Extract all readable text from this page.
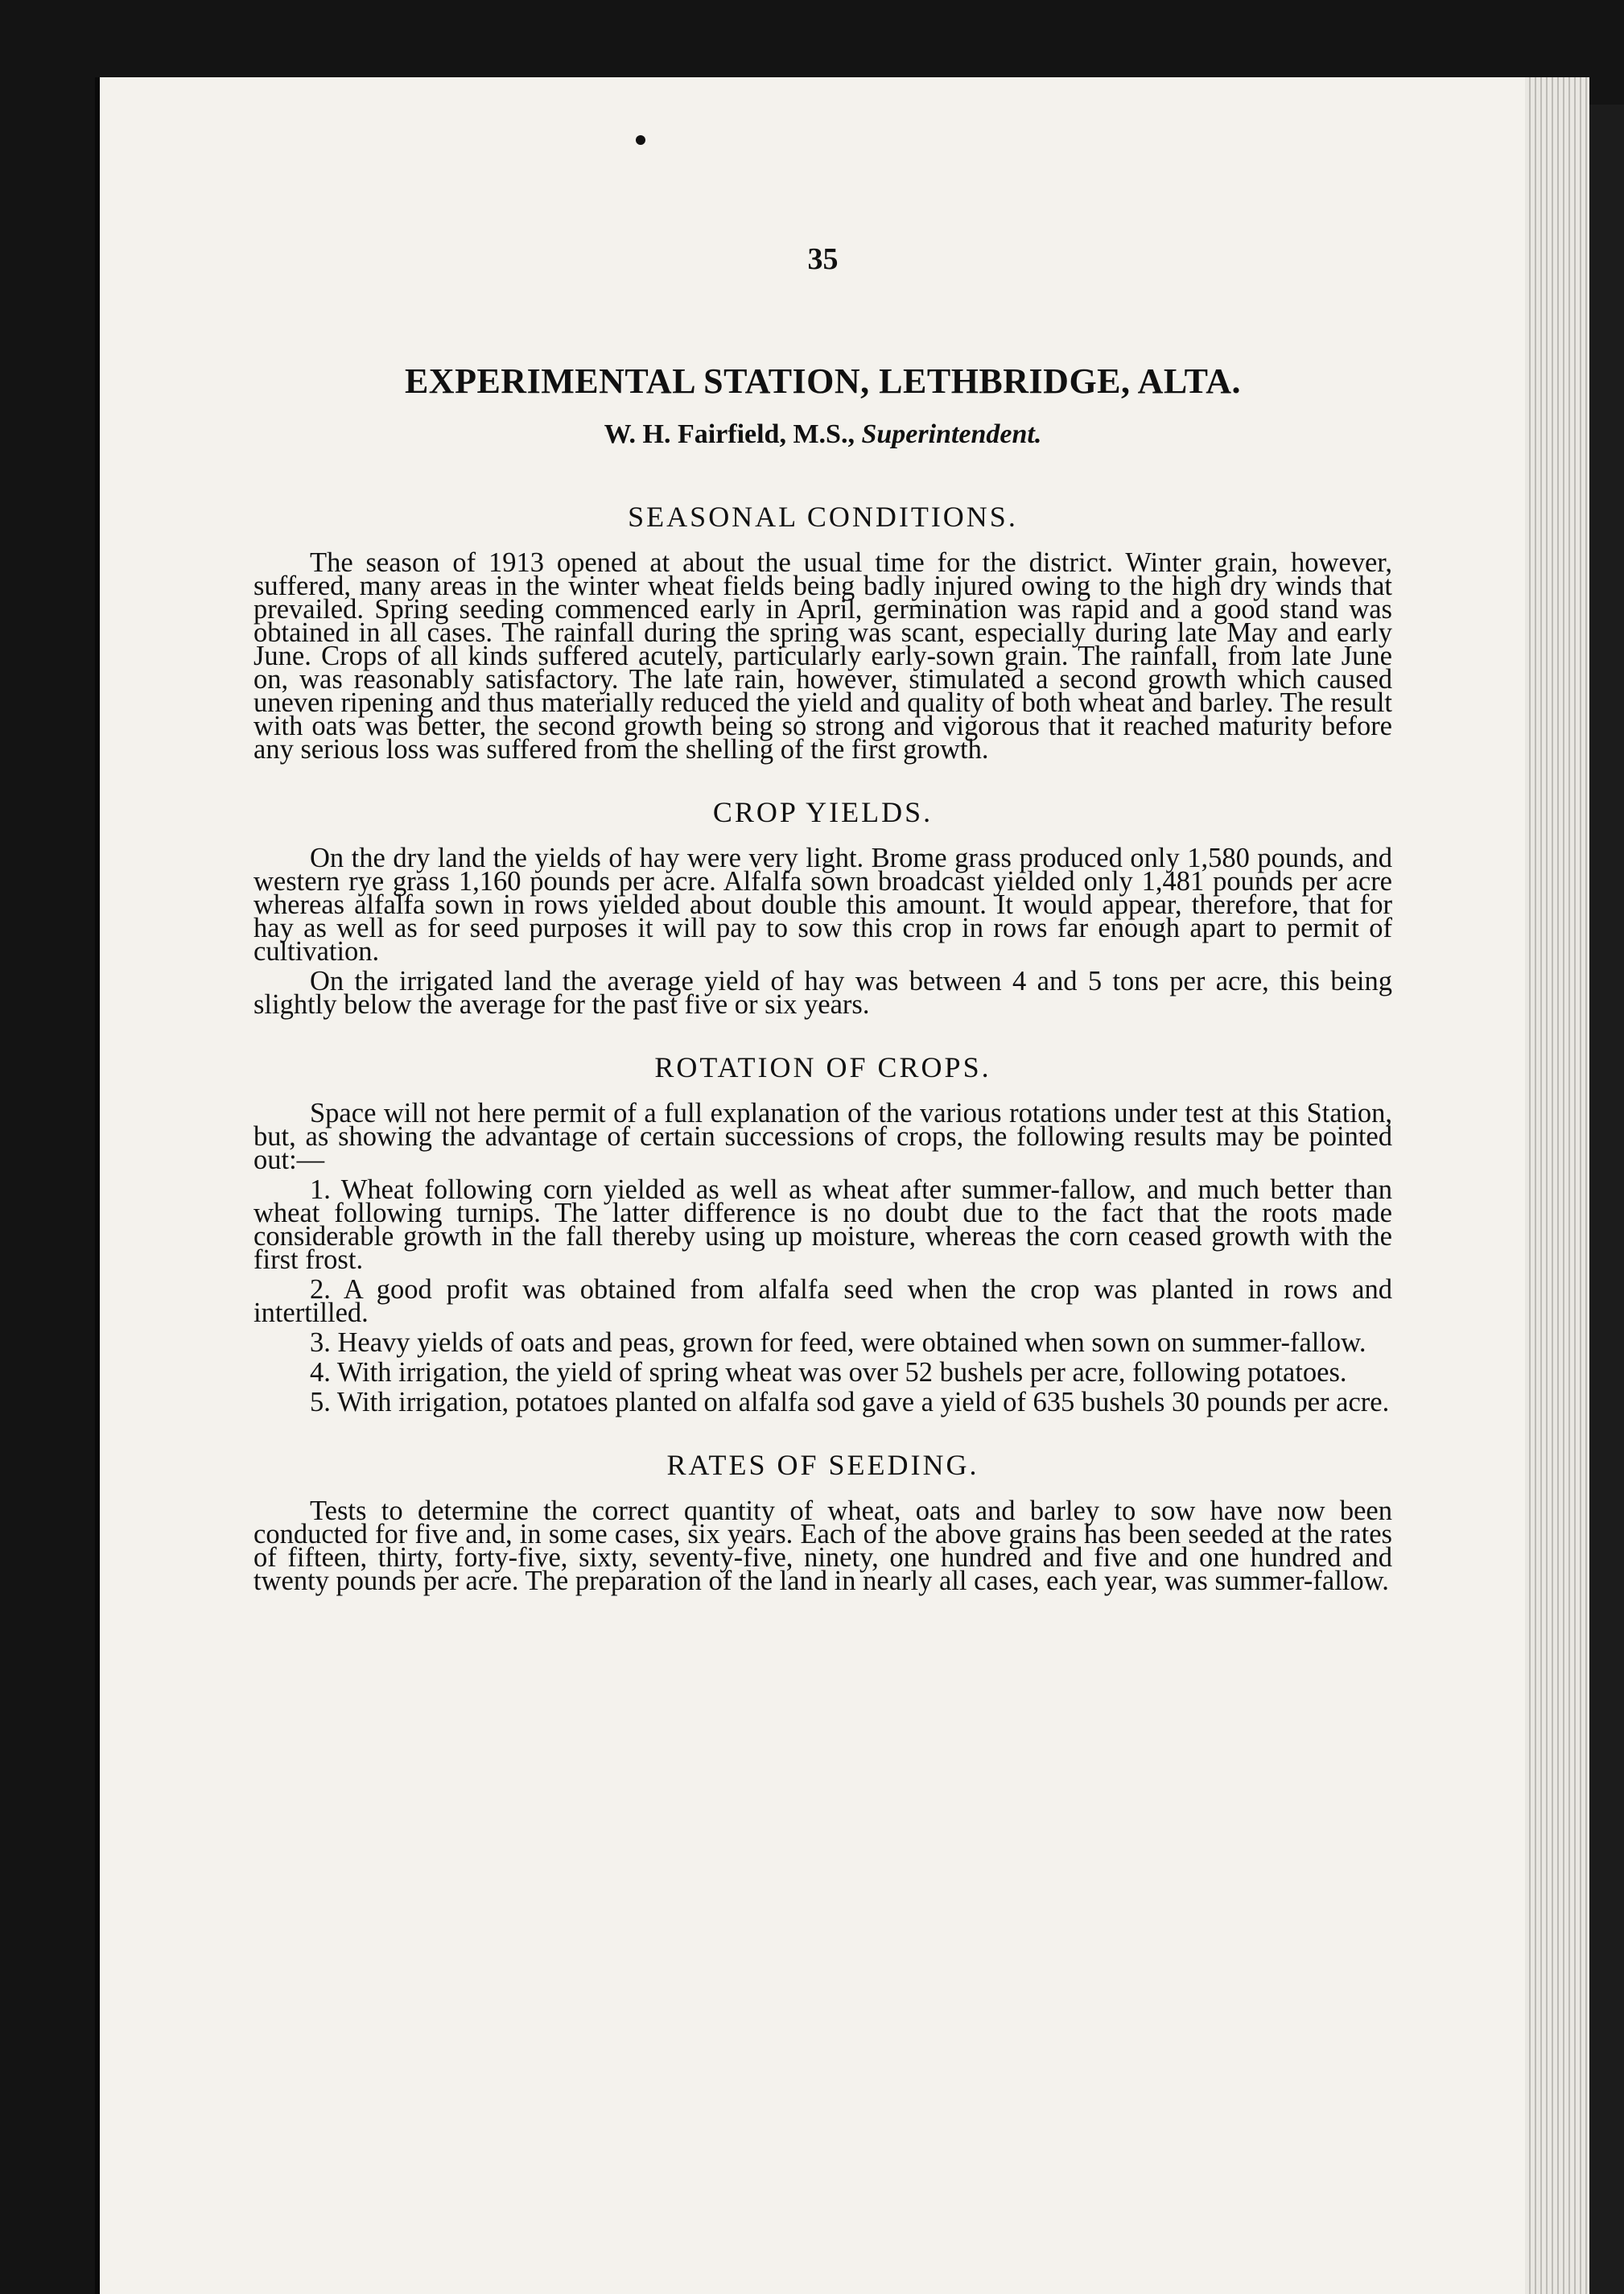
35
EXPERIMENTAL STATION, LETHBRIDGE, ALTA.
W. H. Fairfield, M.S., Superintendent.
SEASONAL CONDITIONS.

The season of 1913 opened at about the usual time for the district. Winter grain, however, suffered, many areas in the winter wheat fields being badly injured owing to the high dry winds that prevailed. Spring seeding commenced early in April, germination was rapid and a good stand was obtained in all cases. The rainfall during the spring was scant, especially during late May and early June. Crops of all kinds suffered acutely, particularly early-sown grain. The rainfall, from late June on, was reasonably satisfactory. The late rain, however, stimulated a second growth which caused uneven ripening and thus materially reduced the yield and quality of both wheat and barley. The result with oats was better, the second growth being so strong and vigorous that it reached maturity before any serious loss was suffered from the shelling of the first growth.

CROP YIELDS.

On the dry land the yields of hay were very light. Brome grass produced only 1,580 pounds, and western rye grass 1,160 pounds per acre. Alfalfa sown broadcast yielded only 1,481 pounds per acre whereas alfalfa sown in rows yielded about double this amount. It would appear, therefore, that for hay as well as for seed purposes it will pay to sow this crop in rows far enough apart to permit of cultivation.

On the irrigated land the average yield of hay was between 4 and 5 tons per acre, this being slightly below the average for the past five or six years.

ROTATION OF CROPS.

Space will not here permit of a full explanation of the various rotations under test at this Station, but, as showing the advantage of certain successions of crops, the following results may be pointed out:—

1. Wheat following corn yielded as well as wheat after summer-fallow, and much better than wheat following turnips. The latter difference is no doubt due to the fact that the roots made considerable growth in the fall thereby using up moisture, whereas the corn ceased growth with the first frost.

2. A good profit was obtained from alfalfa seed when the crop was planted in rows and intertilled.

3. Heavy yields of oats and peas, grown for feed, were obtained when sown on summer-fallow.

4. With irrigation, the yield of spring wheat was over 52 bushels per acre, following potatoes.

5. With irrigation, potatoes planted on alfalfa sod gave a yield of 635 bushels 30 pounds per acre.

RATES OF SEEDING.

Tests to determine the correct quantity of wheat, oats and barley to sow have now been conducted for five and, in some cases, six years. Each of the above grains has been seeded at the rates of fifteen, thirty, forty-five, sixty, seventy-five, ninety, one hundred and five and one hundred and twenty pounds per acre. The preparation of the land in nearly all cases, each year, was summer-fallow.
